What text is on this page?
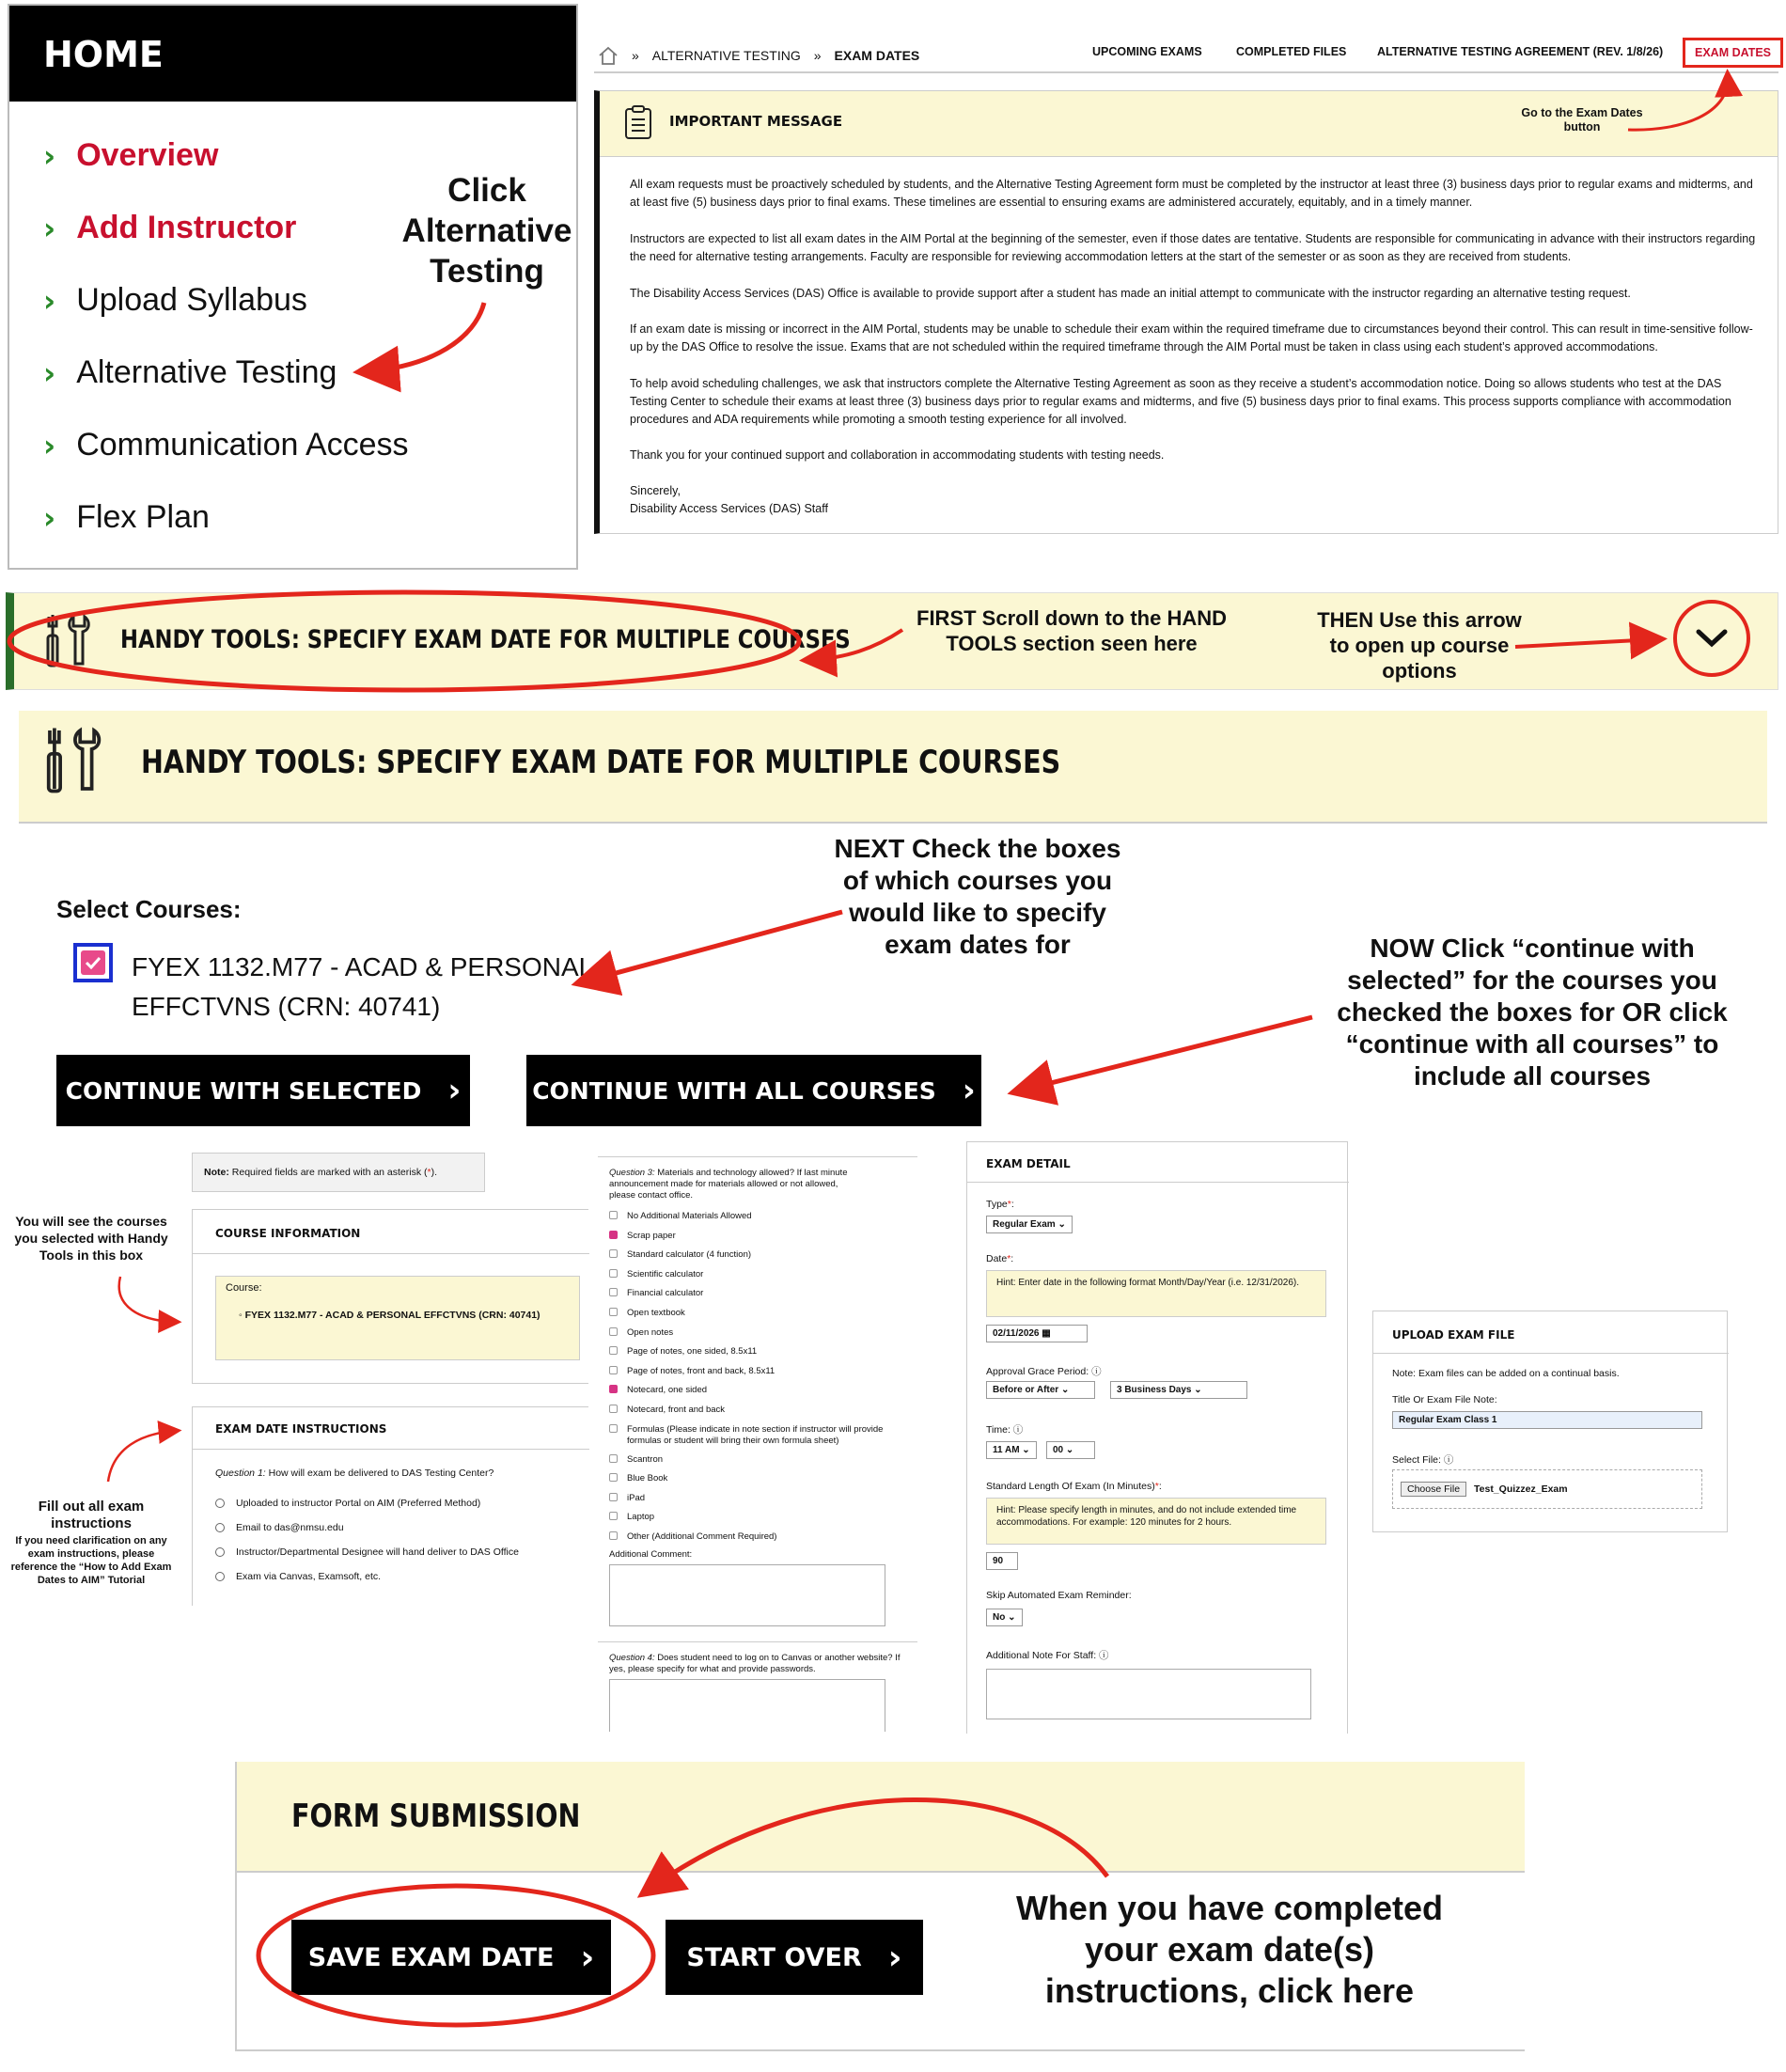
HOME
› Overview
› Add Instructor
› Upload Syllabus
› Alternative Testing
› Communication Access
› Flex Plan
Click Alternative Testing
» ALTERNATIVE TESTING » EXAM DATES	UPCOMING EXAMS	COMPLETED FILES	ALTERNATIVE TESTING AGREEMENT (REV. 1/8/26)	EXAM DATES
IMPORTANT MESSAGE	Go to the Exam Dates button
All exam requests must be proactively scheduled by students, and the Alternative Testing Agreement form must be completed by the instructor at least three (3) business days prior to regular exams and midterms, and at least five (5) business days prior to final exams. These timelines are essential to ensuring exams are administered accurately, equitably, and in a timely manner.
Instructors are expected to list all exam dates in the AIM Portal at the beginning of the semester, even if those dates are tentative. Students are responsible for communicating in advance with their instructors regarding the need for alternative testing arrangements. Faculty are responsible for reviewing accommodation letters at the start of the semester or as soon as they are received from students.
The Disability Access Services (DAS) Office is available to provide support after a student has made an initial attempt to communicate with the instructor regarding an alternative testing request.
If an exam date is missing or incorrect in the AIM Portal, students may be unable to schedule their exam within the required timeframe due to circumstances beyond their control. This can result in time-sensitive follow-up by the DAS Office to resolve the issue. Exams that are not scheduled within the required timeframe through the AIM Portal must be taken in class using each student’s approved accommodations.
To help avoid scheduling challenges, we ask that instructors complete the Alternative Testing Agreement as soon as they receive a student’s accommodation notice. Doing so allows students who test at the DAS Testing Center to schedule their exams at least three (3) business days prior to regular exams and midterms, and five (5) business days prior to final exams. This process supports compliance with accommodation procedures and ADA requirements while promoting a smooth testing experience for all involved.
Thank you for your continued support and collaboration in accommodating students with testing needs.
Sincerely,
Disability Access Services (DAS) Staff
HANDY TOOLS: SPECIFY EXAM DATE FOR MULTIPLE COURSES
FIRST Scroll down to the HAND TOOLS section seen here
THEN Use this arrow to open up course options
HANDY TOOLS: SPECIFY EXAM DATE FOR MULTIPLE COURSES
Select Courses:
FYEX 1132.M77 - ACAD & PERSONAL
EFFCTVNS (CRN: 40741)
NEXT Check the boxes of which courses you would like to specify exam dates for	NOW Click “continue with selected” for the courses you checked the boxes for OR click “continue with all courses” to include all courses
CONTINUE WITH SELECTED ›	CONTINUE WITH ALL COURSES ›
You will see the courses you selected with Handy Tools in this box
Fill out all exam instructions
If you need clarification on any exam instructions, please reference the “How to Add Exam Dates to AIM” Tutorial
Note: Required fields are marked with an asterisk (*).
COURSE INFORMATION
Course:
◦ FYEX 1132.M77 - ACAD & PERSONAL EFFCTVNS (CRN: 40741)
EXAM DATE INSTRUCTIONS
Question 1: How will exam be delivered to DAS Testing Center?
Uploaded to instructor Portal on AIM (Preferred Method)
Email to das@nmsu.edu
Instructor/Departmental Designee will hand deliver to DAS Office
Exam via Canvas, Examsoft, etc.
Question 3: Materials and technology allowed? If last minute announcement made for materials allowed or not allowed, please contact office.
No Additional Materials Allowed
Scrap paper
Standard calculator (4 function)
Scientific calculator
Financial calculator
Open textbook
Open notes
Page of notes, one sided, 8.5x11
Page of notes, front and back, 8.5x11
Notecard, one sided
Notecard, front and back
Formulas (Please indicate in note section if instructor will provide formulas or student will bring their own formula sheet)
Scantron
Blue Book
iPad
Laptop
Other (Additional Comment Required)
Additional Comment:
Question 4: Does student need to log on to Canvas or another website? If yes, please specify for what and provide passwords.
EXAM DETAIL
Type*:
Regular Exam ⌄
Date*:
Hint: Enter date in the following format Month/Day/Year (i.e. 12/31/2026).
02/11/2026 ▦
Approval Grace Period: ⓘ
Before or After ⌄	3 Business Days ⌄
Time: ⓘ
11 AM ⌄	00 ⌄
Standard Length Of Exam (In Minutes)*:
Hint: Please specify length in minutes, and do not include extended time accommodations. For example: 120 minutes for 2 hours.
90
Skip Automated Exam Reminder:
No ⌄
Additional Note For Staff: ⓘ
UPLOAD EXAM FILE
Note: Exam files can be added on a continual basis.
Title Or Exam File Note:
Regular Exam Class 1
Select File: ⓘ
Choose File	Test_Quizzez_Exam
FORM SUBMISSION
SAVE EXAM DATE ›	START OVER ›
When you have completed your exam date(s) instructions, click here
